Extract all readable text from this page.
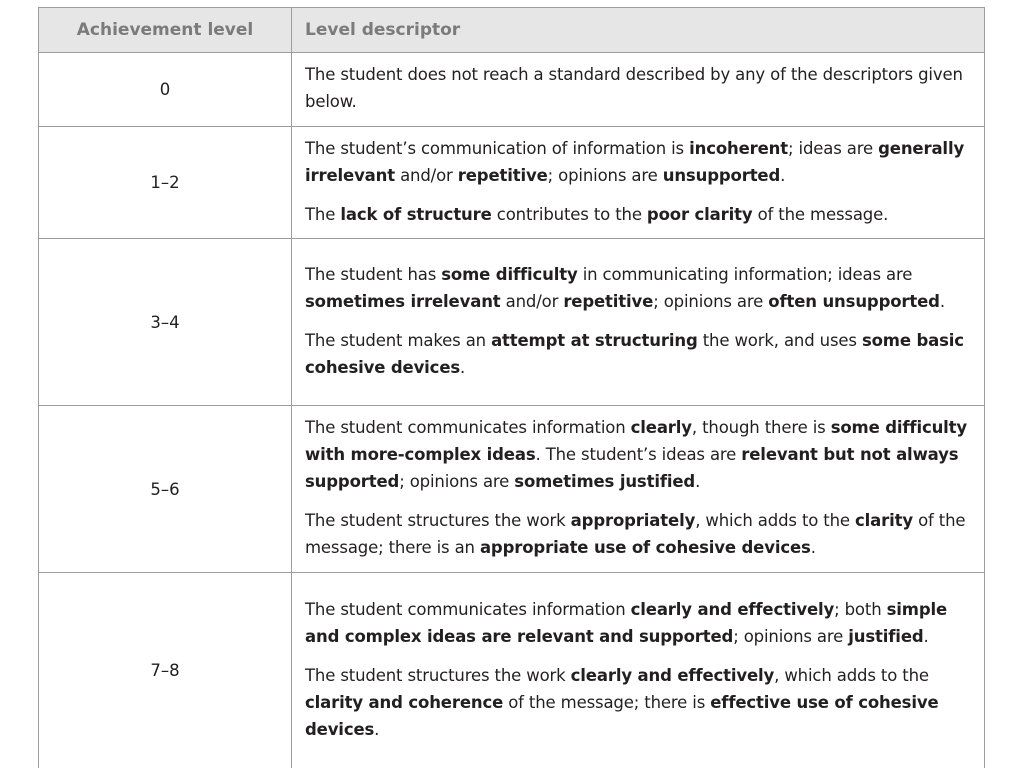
Achievement level	Level descriptor
0	The student does not reach a standard described by any of the descriptors given below.

1–2	The student’s communication of information is incoherent; ideas are generally irrelevant and/or repetitive; opinions are unsupported.

The lack of structure contributes to the poor clarity of the message.

3–4	The student has some difficulty in communicating information; ideas are sometimes irrelevant and/or repetitive; opinions are often unsupported.

The student makes an attempt at structuring the work, and uses some basic cohesive devices.

5–6	The student communicates information clearly, though there is some difficulty with more-complex ideas. The student’s ideas are relevant but not always supported; opinions are sometimes justified.

The student structures the work appropriately, which adds to the clarity of the message; there is an appropriate use of cohesive devices.

7–8	The student communicates information clearly and effectively; both simple and complex ideas are relevant and supported; opinions are justified.

The student structures the work clearly and effectively, which adds to the clarity and coherence of the message; there is effective use of cohesive devices.
